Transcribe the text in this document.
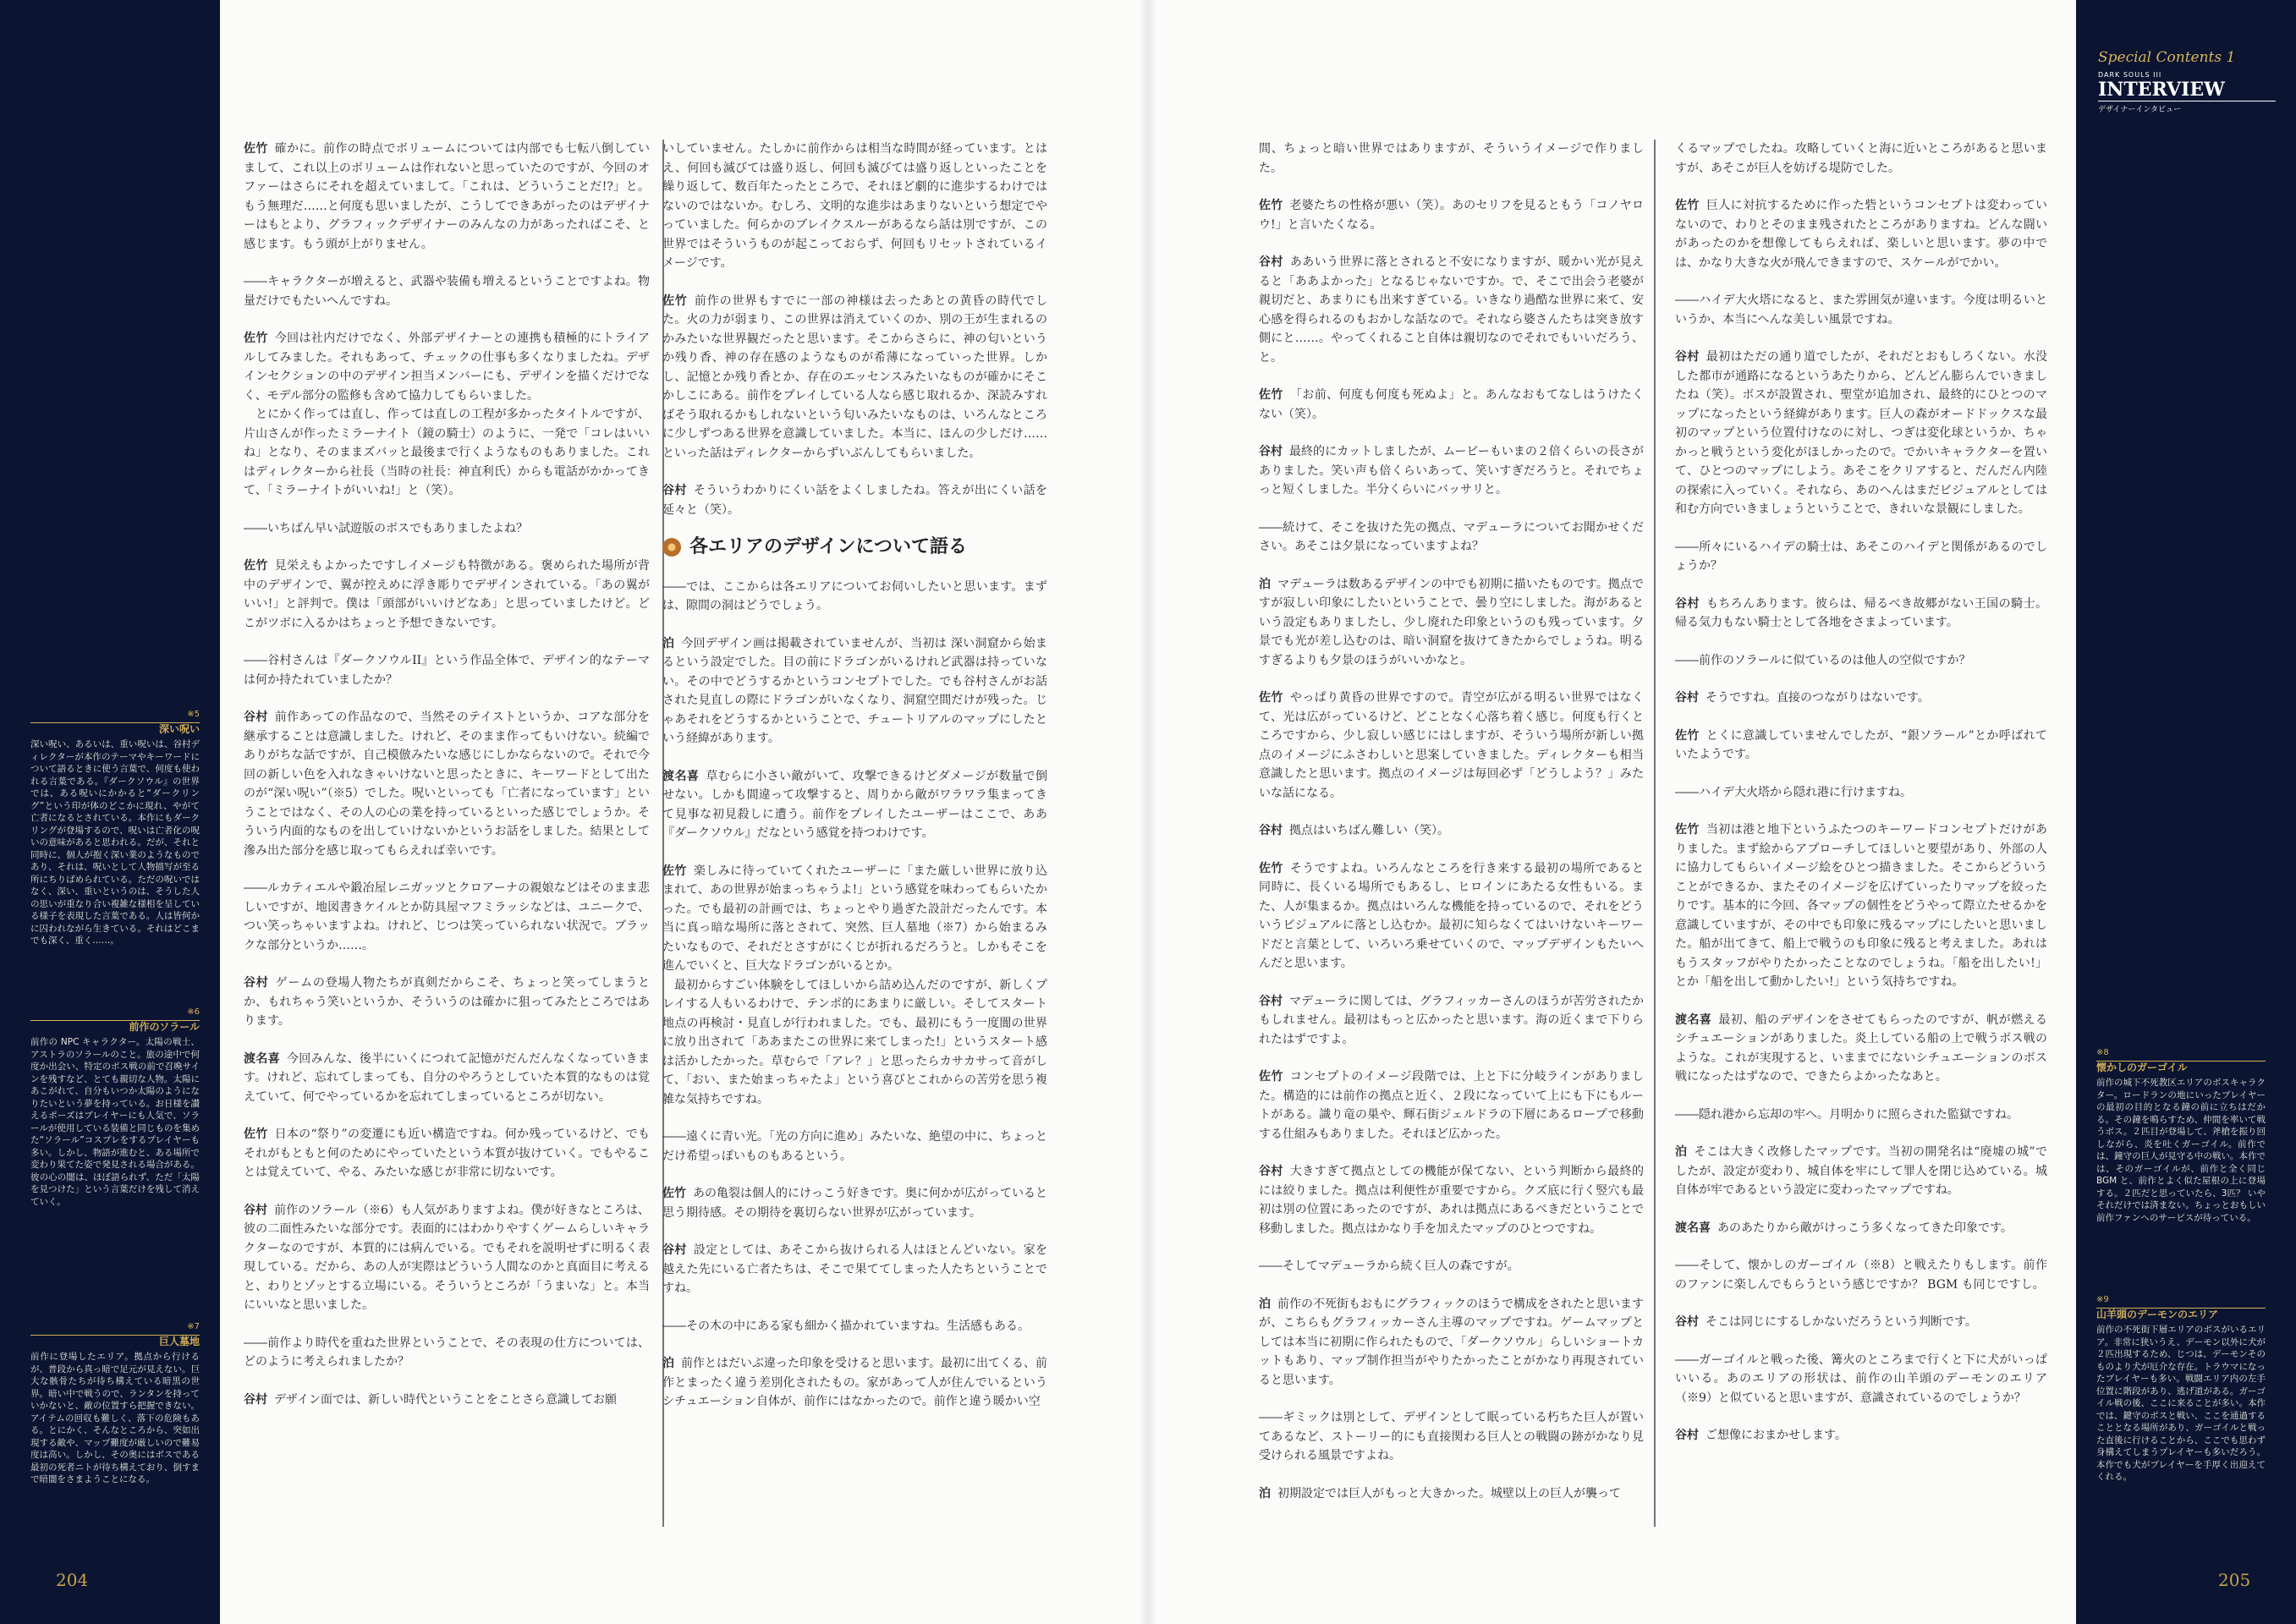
Special Contents 1
DARK SOULS III
INTERVIEW
デザイナーインタビュー

佐竹 確かに。前作の時点でボリュームについては内部でも七転八倒していまして、これ以上のボリュームは作れないと思っていたのですが、今回のオファーはさらにそれを超えていまして。「これは、どういうことだ!?」と。もう無理だ……と何度も思いましたが、こうしてできあがったのはデザイナーはもとより、グラフィックデザイナーのみんなの力があったればこそ、と感じます。もう頭が上がりません。

――キャラクターが増えると、武器や装備も増えるということですよね。物量だけでもたいへんですね。

佐竹 今回は社内だけでなく、外部デザイナーとの連携も積極的にトライアルしてみました。それもあって、チェックの仕事も多くなりましたね。デザインセクションの中のデザイン担当メンバーにも、デザインを描くだけでなく、モデル部分の監修も含めて協力してもらいました。

とにかく作っては直し、作っては直しの工程が多かったタイトルですが、片山さんが作ったミラーナイト（鏡の騎士）のように、一発で「コレはいいね」となり、そのままズバッと最後まで行くようなものもありました。これはディレクターから社長（当時の社長：神直利氏）からも電話がかかってきて、「ミラーナイトがいいね!」と（笑）。

――いちばん早い試遊版のボスでもありましたよね？

佐竹 見栄えもよかったですしイメージも特徴がある。褒められた場所が背中のデザインで、翼が控えめに浮き彫りでデザインされている。「あの翼がいい!」と評判で。僕は「頭部がいいけどなあ」と思っていましたけど。どこがツボに入るかはちょっと予想できないです。

――谷村さんは『ダークソウルII』という作品全体で、デザイン的なテーマは何か持たれていましたか？

谷村 前作あっての作品なので、当然そのテイストというか、コアな部分を継承することは意識しました。けれど、そのまま作ってもいけない。続編でありがちな話ですが、自己模倣みたいな感じにしかならないので。それで今回の新しい色を入れなきゃいけないと思ったときに、キーワードとして出たのが“深い呪い”（※5）でした。呪いといっても「亡者になっています」ということではなく、その人の心の業を持っているといった感じでしょうか。そういう内面的なものを出していけないかというお話をしました。結果として滲み出た部分を感じ取ってもらえれば幸いです。

――ルカティエルや鍛冶屋レニガッツとクロアーナの親娘などはそのまま悲しいですが、地図書きケイルとか防具屋マフミラッシなどは、ユニークで、つい笑っちゃいますよね。けれど、じつは笑っていられない状況で。ブラックな部分というか……。

谷村 ゲームの登場人物たちが真剣だからこそ、ちょっと笑ってしまうとか、もれちゃう笑いというか、そういうのは確かに狙ってみたところではあります。

渡名喜 今回みんな、後半にいくにつれて記憶がだんだんなくなっていきます。けれど、忘れてしまっても、自分のやろうとしていた本質的なものは覚えていて、何でやっているかを忘れてしまっているところが切ない。

佐竹 日本の“祭り”の変遷にも近い構造ですね。何か残っているけど、でもそれがもともと何のためにやっていたという本質が抜けていく。でもやることは覚えていて、やる、みたいな感じが非常に切ないです。

谷村 前作のソラール（※6）も人気がありますよね。僕が好きなところは、彼の二面性みたいな部分です。表面的にはわかりやすくゲームらしいキャラクターなのですが、本質的には病んでいる。でもそれを説明せずに明るく表現している。だから、あの人が実際はどういう人間なのかと真面目に考えると、わりとゾッとする立場にいる。そういうところが「うまいな」と。本当にいいなと思いました。

――前作より時代を重ねた世界ということで、その表現の仕方については、どのように考えられましたか？

谷村 デザイン面では、新しい時代ということをことさら意識してお願

いしていません。たしかに前作からは相当な時間が経っています。とは え、何回も滅びては盛り返し、何回も滅びては盛り返しといったことを繰り返して、数百年たったところで、それほど劇的に進歩するわけではないのではないか。むしろ、文明的な進歩はあまりないという想定でやっていました。何らかのブレイクスルーがあるなら話は別ですが、この世界ではそういうものが起こっておらず、何回もリセットされているイメージです。

佐竹 前作の世界もすでに一部の神様は去ったあとの黄昏の時代でした。火の力が弱まり、この世界は消えていくのか、別の王が生まれるのかみたいな世界観だったと思います。そこからさらに、神の匂いというか残り香、神の存在感のようなものが希薄になっていった世界。しかし、記憶とか残り香とか、存在のエッセンスみたいなものが確かにそこかしこにある。前作をプレイしている人なら感じ取れるか、深読みすればそう取れるかもしれないという匂いみたいなものは、いろんなところに少しずつある世界を意識していました。本当に、ほんの少しだけ……といった話はディレクターからずいぶんしてもらいました。

谷村 そういうわかりにくい話をよくしましたね。答えが出にくい話を延々と（笑）。

各エリアのデザインについて語る

――では、ここからは各エリアについてお伺いしたいと思います。まずは、隙間の洞はどうでしょう。

泊 今回デザイン画は掲載されていませんが、当初は 深い洞窟から始まるという設定でした。目の前にドラゴンがいるけれど武器は持っていない。その中でどうするかというコンセプトでした。でも谷村さんがお話された見直しの際にドラゴンがいなくなり、洞窟空間だけが残った。じゃあそれをどうするかということで、チュートリアルのマップにしたという経緯があります。

渡名喜 草むらに小さい敵がいて、攻撃できるけどダメージが数量で倒せない。しかも間違って攻撃すると、周りから敵がワラワラ集まってきて見事な初見殺しに遭う。前作をプレイしたユーザーはここで、ああ『ダークソウル』だなという感覚を持つわけです。

佐竹 楽しみに待っていてくれたユーザーに「また厳しい世界に放り込まれて、あの世界が始まっちゃうよ!」という感覚を味わってもらいたかった。でも最初の計画では、ちょっとやり過ぎた設計だったんです。本当に真っ暗な場所に落とされて、突然、巨人墓地（※7）から始まるみたいなもので、それだとさすがにくじが折れるだろうと。しかもそこを進んでいくと、巨大なドラゴンがいるとか。

最初からすごい体験をしてほしいから詰め込んだのですが、新しくプレイする人もいるわけで、テンポ的にあまりに厳しい。そしてスタート地点の再検討・見直しが行われました。でも、最初にもう一度闇の世界に放り出されて「ああまたこの世界に来てしまった!」というスタート感は活かしたかった。草むらで「アレ？」と思ったらカサカサって音がして、「おい、また始まっちゃたよ」という喜びとこれからの苦労を思う複雑な気持ちですね。

――遠くに青い光。「光の方向に進め」みたいな、絶望の中に、ちょっとだけ希望っぽいものもあるという。

佐竹 あの亀裂は個人的にけっこう好きです。奥に何かが広がっていると思う期待感。その期待を裏切らない世界が広がっています。

谷村 設定としては、あそこから抜けられる人はほとんどいない。家を越えた先にいる亡者たちは、そこで果ててしまった人たちということですね。

――その木の中にある家も細かく描かれていますね。生活感もある。

泊 前作とはだいぶ違った印象を受けると思います。最初に出てくる、前作とまったく違う差別化されたもの。家があって人が住んでいるというシチュエーション自体が、前作にはなかったので。前作と違う暖かい空

間、ちょっと暗い世界ではありますが、そういうイメージで作りました。

佐竹 老婆たちの性格が悪い（笑）。あのセリフを見るともう「コノヤロウ!」と言いたくなる。

谷村 ああいう世界に落とされると不安になりますが、暖かい光が見えると「ああよかった」となるじゃないですか。で、そこで出会う老婆が親切だと、あまりにも出来すぎている。いきなり過酷な世界に来て、安心感を得られるのもおかしな話なので。それなら婆さんたちは突き放す側にと……。やってくれること自体は親切なのでそれでもいいだろう、と。

佐竹 「お前、何度も何度も死ぬよ」と。あんなおもてなしはうけたくない（笑）。

谷村 最終的にカットしましたが、ムービーもいまの２倍くらいの長さがありました。笑い声も倍くらいあって、笑いすぎだろうと。それでちょっと短くしました。半分くらいにバッサリと。

――続けて、そこを抜けた先の拠点、マデューラについてお聞かせください。あそこは夕景になっていますよね？

泊 マデューラは数あるデザインの中でも初期に描いたものです。拠点ですが寂しい印象にしたいということで、曇り空にしました。海があるという設定もありましたし、少し廃れた印象というのも残っています。夕景でも光が差し込むのは、暗い洞窟を抜けてきたからでしょうね。明るすぎるよりも夕景のほうがいいかなと。

佐竹 やっぱり黄昏の世界ですので。青空が広がる明るい世界ではなくて、光は広がっているけど、どことなく心落ち着く感じ。何度も行くところですから、少し寂しい感じにはしますが、そういう場所が新しい拠点のイメージにふさわしいと思案していきました。ディレクターも相当意識したと思います。拠点のイメージは毎回必ず「どうしよう？」みたいな話になる。

谷村 拠点はいちばん難しい（笑）。

佐竹 そうですよね。いろんなところを行き来する最初の場所であると同時に、長くいる場所でもあるし、ヒロインにあたる女性もいる。また、人が集まるか。拠点はいろんな機能を持っているので、それをどういうビジュアルに落とし込むか。最初に知らなくてはいけないキーワードだと言葉として、いろいろ乗せていくので、マップデザインもたいへんだと思います。

谷村 マデューラに関しては、グラフィッカーさんのほうが苦労されたかもしれません。最初はもっと広かったと思います。海の近くまで下りられたはずですよ。

佐竹 コンセプトのイメージ段階では、上と下に分岐ラインがありました。構造的には前作の拠点と近く、２段になっていて上にも下にもルートがある。識り竜の巣や、輝石街ジェルドラの下層にあるロープで移動する仕組みもありました。それほど広かった。

谷村 大きすぎて拠点としての機能が保てない、という判断から最終的には絞りました。拠点は利便性が重要ですから。クズ底に行く竪穴も最初は別の位置にあったのですが、あれは拠点にあるべきだということで移動しました。拠点はかなり手を加えたマップのひとつですね。

――そしてマデューラから続く巨人の森ですが。

泊 前作の不死街もおもにグラフィックのほうで構成をされたと思いますが、こちらもグラフィッカーさん主導のマップですね。ゲームマップとしては本当に初期に作られたもので、「ダークソウル」らしいショートカットもあり、マップ制作担当がやりたかったことがかなり再現されていると思います。

――ギミックは別として、デザインとして眠っている朽ちた巨人が置いてあるなど、ストーリー的にも直接関わる巨人との戦闘の跡がかなり見受けられる風景ですよね。

泊 初期設定では巨人がもっと大きかった。城壁以上の巨人が襲って

くるマップでしたね。攻略していくと海に近いところがあると思いますが、あそこが巨人を妨げる堤防でした。

佐竹 巨人に対抗するために作った砦というコンセプトは変わっていないので、わりとそのまま残されたところがありますね。どんな闘いがあったのかを想像してもらえれば、楽しいと思います。夢の中では、かなり大きな火が飛んできますので、スケールがでかい。

――ハイデ大火塔になると、また雰囲気が違います。今度は明るいというか、本当にへんな美しい風景ですね。

谷村 最初はただの通り道でしたが、それだとおもしろくない。水没した都市が通路になるというあたりから、どんどん膨らんでいきましたね（笑）。ボスが設置され、聖堂が追加され、最終的にひとつのマップになったという経緯があります。巨人の森がオードドックスな最初のマップという位置付けなのに対し、つぎは変化球というか、ちゃかっと戦うという変化がほしかったので。でかいキャラクターを置いて、ひとつのマップにしよう。あそこをクリアすると、だんだん内陸の探索に入っていく。それなら、あのへんはまだビジュアルとしては和む方向でいきましょうということで、きれいな景観にしました。

――所々にいるハイデの騎士は、あそこのハイデと関係があるのでしょうか？

谷村 もちろんあります。彼らは、帰るべき故郷がない王国の騎士。帰る気力もない騎士として各地をさまよっています。

――前作のソラールに似ているのは他人の空似ですか？

谷村 そうですね。直接のつながりはないです。

佐竹 とくに意識していませんでしたが、“銀ソラール”とか呼ばれていたようです。

――ハイデ大火塔から隠れ港に行けますね。

佐竹 当初は港と地下というふたつのキーワードコンセプトだけがありました。まず絵からアプローチしてほしいと要望があり、外部の人に協力してもらいイメージ絵をひとつ描きました。そこからどういうことができるか、またそのイメージを広げていったりマップを絞ったりです。基本的に今回、各マップの個性をどうやって際立たせるかを意識していますが、その中でも印象に残るマップにしたいと思いました。船が出てきて、船上で戦うのも印象に残ると考えました。あれはもうスタッフがやりたかったことなのでしょうね。「船を出したい!」とか「船を出して動かしたい!」という気持ちですね。

渡名喜 最初、船のデザインをさせてもらったのですが、帆が燃えるシチュエーションがありました。炎上している船の上で戦うボス戦のような。これが実現すると、いままでにないシチュエーションのボス戦になったはずなので、できたらよかったなあと。

――隠れ港から忘却の牢へ。月明かりに照らされた監獄ですね。

泊 そこは大きく改修したマップです。当初の開発名は“廃墟の城”でしたが、設定が変わり、城自体を牢にして罪人を閉じ込めている。城自体が牢であるという設定に変わったマップですね。

渡名喜 あのあたりから敵がけっこう多くなってきた印象です。

――そして、懐かしのガーゴイル（※8）と戦えたりもします。前作のファンに楽しんでもらうという感じですか？ BGM も同じですし。

谷村 そこは同じにするしかないだろうという判断です。

――ガーゴイルと戦った後、篝火のところまで行くと下に犬がいっぱいいる。あのエリアの形状は、前作の山羊頭のデーモンのエリア（※9）と似ていると思いますが、意識されているのでしょうか？

谷村 ご想像におまかせします。

※5
深い呪い
深い呪い、あるいは、重い呪いは、谷村ディレクターが本作のテーマやキーワードについて語るときに使う言葉で、何度も使われる言葉である。『ダークソウル』の世界では、ある呪いにかかると“ダークリング”という印が体のどこかに現れ、やがて亡者になるとされている。本作にもダークリングが登場するので、呪いは亡者化の呪いの意味があると思われる。だが、それと同時に、個人が抱く深い業のようなものであり、それは、呪いとして人物描写が至る所にちりばめられている。ただの呪いではなく、深い、重いというのは、そうした人の思いが重なり合い複雑な様相を呈している様子を表現した言葉である。人は皆何かに囚われながら生きている。それはどこまでも深く、重く……。
※6
前作のソラール
前作の NPC キャラクター。太陽の戦士、アストラのソラールのこと。旅の途中で何度か出会い、特定のボス戦の前で召喚サインを残すなど、とても親切な人物。太陽にあこがれて、自分もいつか太陽のようになりたいという夢を持っている。お日様を讃えるポーズはプレイヤーにも人気で、ソラールが使用している装備と同じものを集めた“ソラール”コスプレをするプレイヤーも多い。しかし、物語が進むと、ある場所で変わり果てた姿で発見される場合がある。彼の心の闇は、ほぼ語られず、ただ「太陽を見つけた」という言葉だけを残して消えていく。
※7
巨人墓地
前作に登場したエリア。拠点から行けるが、普段から真っ暗で足元が見えない。巨大な骸骨たちが待ち構えている暗黒の世界。暗い中で戦うので、ランタンを持っていかないと、敵の位置すら把握できない。アイテムの回収も難しく、落下の危険もある。とにかく、そんなところから、突如出現する敵や、マップ難度が厳しいので難易度は高い。しかし、その奥にはボスである最初の死者ニトが待ち構えており、倒すまで暗闇をさまようことになる。
※8
懐かしのガーゴイル
前作の城下不死教区エリアのボスキャラクター。ロードランの地にいったプレイヤーの最初の目的となる鐘の前に立ちはだかる。その鐘を鳴らすため、仲間を率いて戦うボス。２匹目が登場して、斧槍を振り回しながら、炎を吐くガーゴイル。前作では、鐘守の巨人が見守る中の戦い。本作では、そのガーゴイルが、前作と全く同じ BGM と、前作とよく似た屋根の上に登場する。２匹だと思っていたら、3匹？ いやそれだけでは済まない。ちょっとおもしい前作ファンへのサービスが待っている。
※9
山羊頭のデーモンのエリア
前作の不死街下層エリアのボスがいるエリア。非常に狭いうえ、デーモン以外に犬が２匹出現するため、じつは、デーモンそのものより犬が厄介な存在。トラウマになったプレイヤーも多い。戦闘エリア内の左手位置に階段があり、逃げ道がある。ガーゴイル戦の後、ここに来ることが多い。本作では、鍵守のボスと戦い、ここを通過することとなる場所があり、ガーゴイルと戦った直後に行けることから、ここでも思わず身構えてしまうプレイヤーも多いだろう。本作でも犬がプレイヤーを手厚く出迎えてくれる。
204	205
